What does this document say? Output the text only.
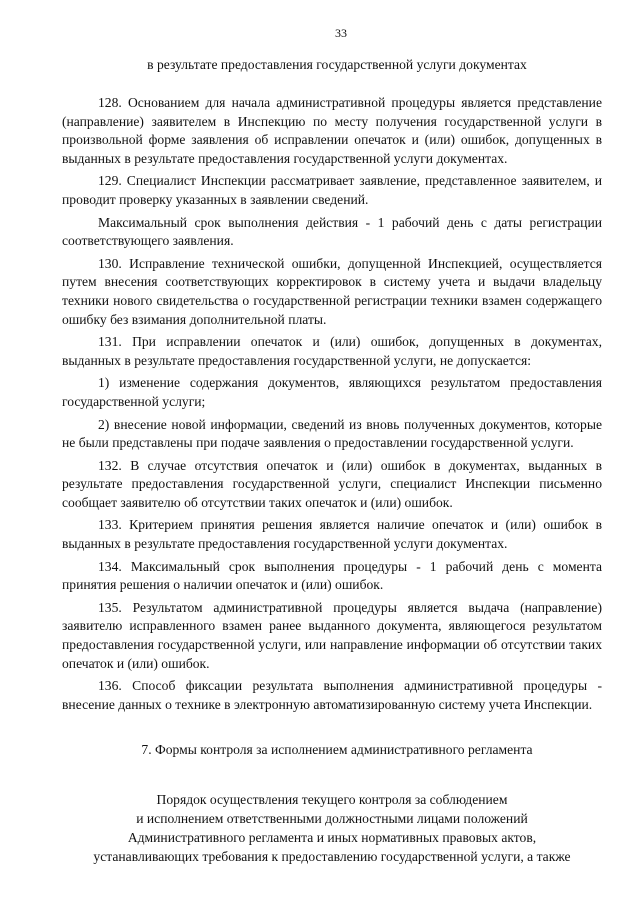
33
в результате предоставления государственной услуги документах

128. Основанием для начала административной процедуры является представление (направление) заявителем в Инспекцию по месту получения государственной услуги в произвольной форме заявления об исправлении опечаток и (или) ошибок, допущенных в выданных в результате предоставления государственной услуги документах.

129. Специалист Инспекции рассматривает заявление, представленное заявителем, и проводит проверку указанных в заявлении сведений.

Максимальный срок выполнения действия - 1 рабочий день с даты регистрации соответствующего заявления.

130. Исправление технической ошибки, допущенной Инспекцией, осуществляется путем внесения соответствующих корректировок в систему учета и выдачи владельцу техники нового свидетельства о государственной регистрации техники взамен содержащего ошибку без взимания дополнительной платы.

131. При исправлении опечаток и (или) ошибок, допущенных в документах, выданных в результате предоставления государственной услуги, не допускается:

1) изменение содержания документов, являющихся результатом предоставления государственной услуги;

2) внесение новой информации, сведений из вновь полученных документов, которые не были представлены при подаче заявления о предоставлении государственной услуги.

132. В случае отсутствия опечаток и (или) ошибок в документах, выданных в результате предоставления государственной услуги, специалист Инспекции письменно сообщает заявителю об отсутствии таких опечаток и (или) ошибок.

133. Критерием принятия решения является наличие опечаток и (или) ошибок в выданных в результате предоставления государственной услуги документах.

134. Максимальный срок выполнения процедуры - 1 рабочий день с момента принятия решения о наличии опечаток и (или) ошибок.

135. Результатом административной процедуры является выдача (направление) заявителю исправленного взамен ранее выданного документа, являющегося результатом предоставления государственной услуги, или направление информации об отсутствии таких опечаток и (или) ошибок.

136. Способ фиксации результата выполнения административной процедуры - внесение данных о технике в электронную автоматизированную систему учета Инспекции.

7. Формы контроля за исполнением административного регламента
Порядок осуществления текущего контроля за соблюдением
и исполнением ответственными должностными лицами положений
Административного регламента и иных нормативных правовых актов,
устанавливающих требования к предоставлению государственной услуги, а также
